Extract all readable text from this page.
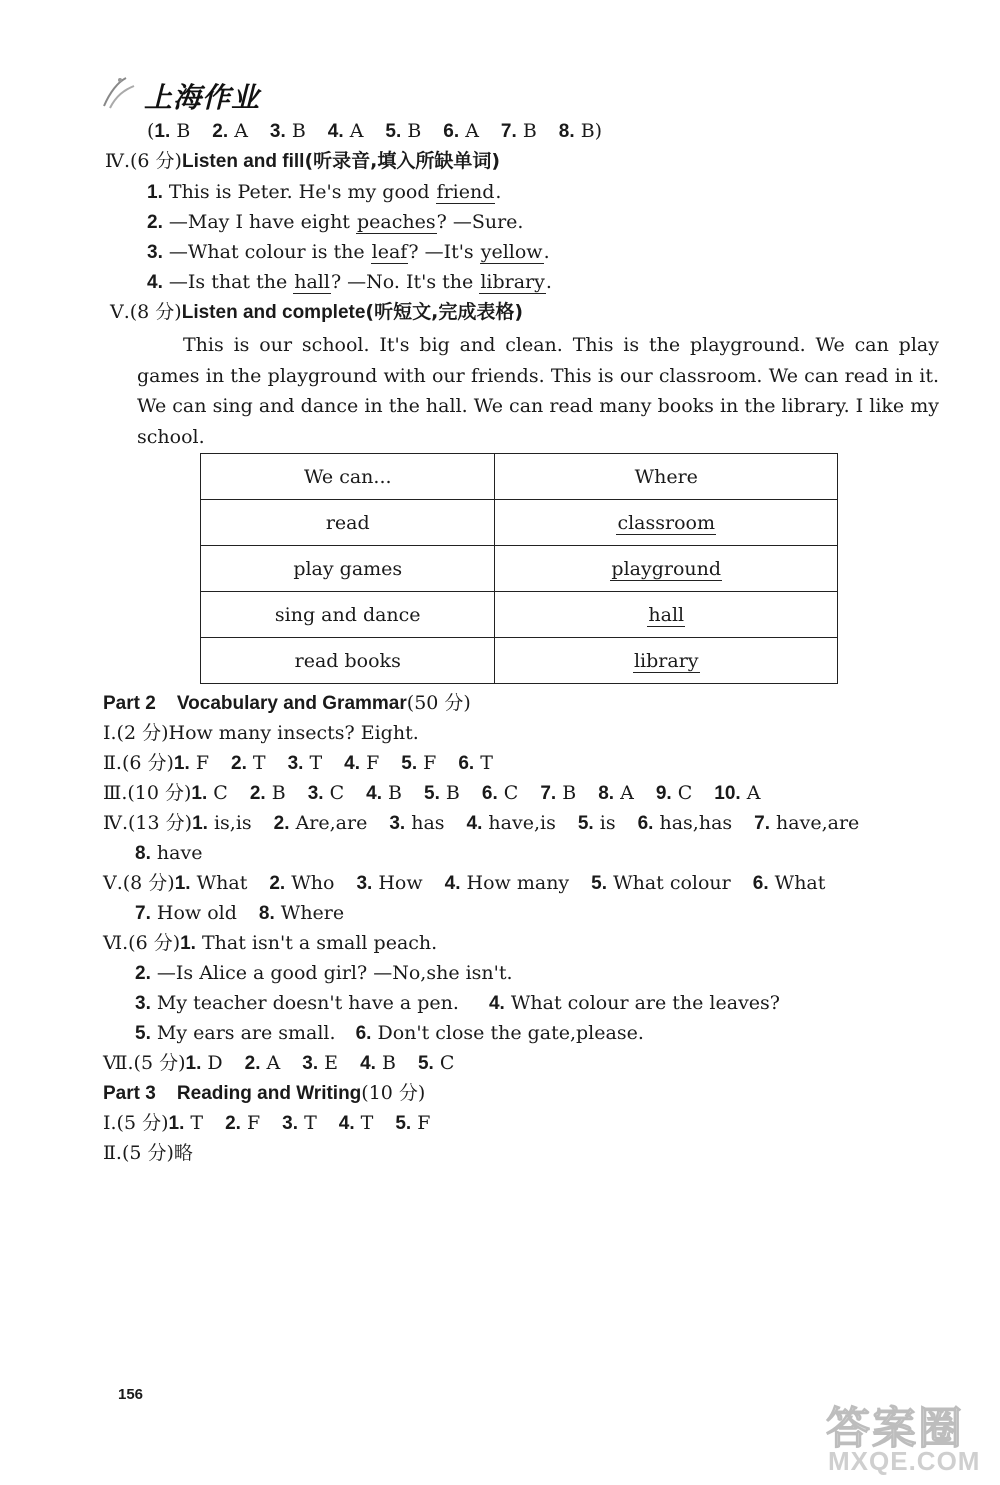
上海作业
(1. B 2. A 3. B 4. A 5. B 6. A 7. B 8. B)
Ⅳ.(6 分)Listen and fill(听录音,填入所缺单词)
1. This is Peter. He's my good friend.
2. —May I have eight peaches? —Sure.
3. —What colour is the leaf? —It's yellow.
4. —Is that the hall? —No. It's the library.
Ⅴ.(8 分)Listen and complete(听短文,完成表格)
This is our school. It's big and clean. This is the playground. We can play games in the playground with our friends. This is our classroom. We can read in it. We can sing and dance in the hall. We can read many books in the library. I like my school.
We can...	Where
read	classroom
play games	playground
sing and dance	hall
read books	library
Part 2    Vocabulary and Grammar(50 分)
Ⅰ.(2 分)How many insects? Eight.
Ⅱ.(6 分)1. F 2. T 3. T 4. F 5. F 6. T
Ⅲ.(10 分)1. C 2. B 3. C 4. B 5. B 6. C 7. B 8. A 9. C 10. A
Ⅳ.(13 分)1. is,is 2. Are,are 3. has 4. have,is 5. is 6. has,has 7. have,are
8. have
Ⅴ.(8 分)1. What 2. Who 3. How 4. How many 5. What colour 6. What
7. How old 8. Where
Ⅵ.(6 分)1. That isn't a small peach.
2. —Is Alice a good girl? —No,she isn't.
3. My teacher doesn't have a pen. 4. What colour are the leaves?
5. My ears are small. 6. Don't close the gate,please.
Ⅶ.(5 分)1. D 2. A 3. E 4. B 5. C
Part 3    Reading and Writing(10 分)
Ⅰ.(5 分)1. T 2. F 3. T 4. T 5. F
Ⅱ.(5 分)略
156
答案圈
MXQE.COM
